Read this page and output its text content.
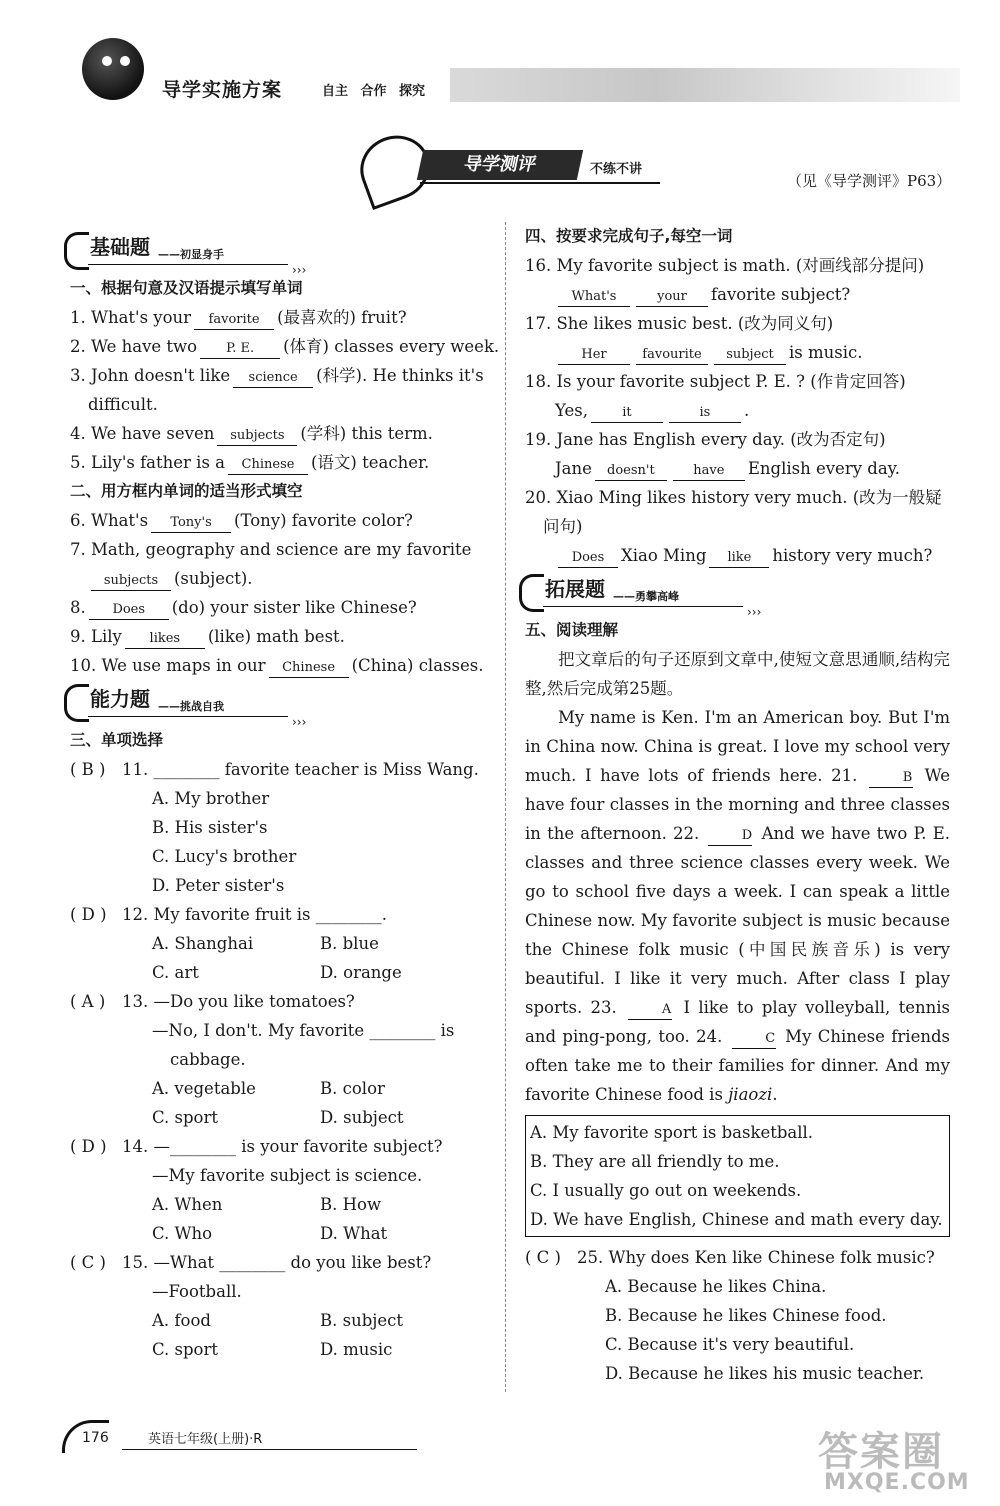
导学实施方案	自主 合作 探究
导学测评	不练不讲
（见《导学测评》P63）
基础题 ——初显身手
›››
一、根据句意及汉语提示填写单词
1. What's your favorite (最喜欢的) fruit?
2. We have two P. E. (体育) classes every week.
3. John doesn't like science (科学). He thinks it's
difficult.
4. We have seven subjects (学科) this term.
5. Lily's father is a Chinese (语文) teacher.
二、用方框内单词的适当形式填空
6. What's Tony's (Tony) favorite color?
7. Math, geography and science are my favorite
subjects (subject).
8. Does (do) your sister like Chinese?
9. Lily likes (like) math best.
10. We use maps in our Chinese (China) classes.
能力题 ——挑战自我
›››
三、单项选择
( B ) 11. ________ favorite teacher is Miss Wang.
A. My brother
B. His sister's
C. Lucy's brother
D. Peter sister's
( D ) 12. My favorite fruit is ________.
A. Shanghai	B. blue
C. art	D. orange
( A ) 13. —Do you like tomatoes?
—No, I don't. My favorite ________ is
cabbage.
A. vegetable	B. color
C. sport	D. subject
( D ) 14. —________ is your favorite subject?
—My favorite subject is science.
A. When	B. How
C. Who	D. What
( C ) 15. —What ________ do you like best?
—Football.
A. food	B. subject
C. sport	D. music
四、按要求完成句子,每空一词
16. My favorite subject is math. (对画线部分提问)
What's	your favorite subject?
17. She likes music best. (改为同义句)
Her	favourite subject is music.
18. Is your favorite subject P. E. ? (作肯定回答)
Yes,	it	is .
19. Jane has English every day. (改为否定句)
Jane doesn't	have English every day.
20. Xiao Ming likes history very much. (改为一般疑
问句)
Does Xiao Ming like history very much?
拓展题 ——勇攀高峰
›››
五、阅读理解
把文章后的句子还原到文章中,使短文意思通顺,结构完整,然后完成第25题。
My name is Ken. I'm an American boy. But I'm in China now. China is great. I love my school very much. I have lots of friends here. 21.	B We have four classes in the morning and three classes in the afternoon. 22.	D And we have two P. E. classes and three science classes every week. We go to school five days a week. I can speak a little Chinese now. My favorite subject is music because the Chinese folk music (中国民族音乐) is very beautiful. I like it very much. After class I play sports. 23.	A I like to play volleyball, tennis and ping-pong, too. 24.	C My Chinese friends often take me to their families for dinner. And my favorite Chinese food is jiaozi.
A. My favorite sport is basketball.
B. They are all friendly to me.
C. I usually go out on weekends.
D. We have English, Chinese and math every day.
( C ) 25. Why does Ken like Chinese folk music?
A. Because he likes China.
B. Because he likes Chinese food.
C. Because it's very beautiful.
D. Because he likes his music teacher.
176	英语七年级(上册)·R	答案圈
MXQE.COM
